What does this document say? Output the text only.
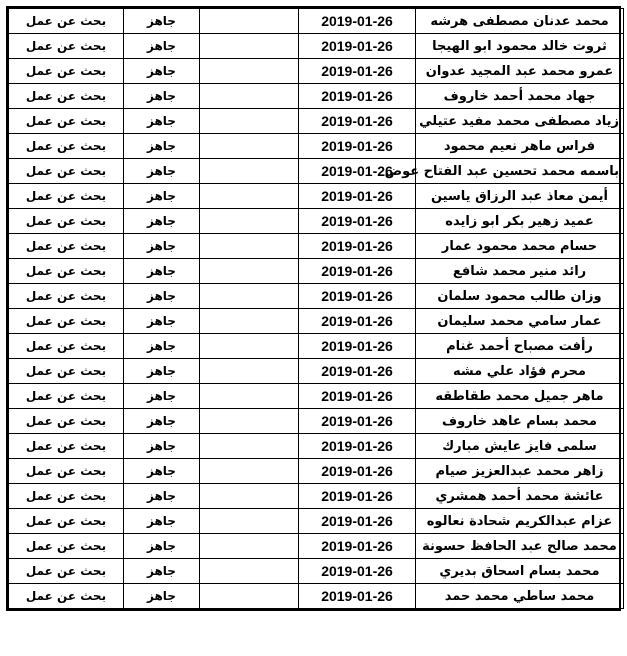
محمد عدنان مصطفى هرشه	2019-01-26		جاهز	بحث عن عمل
ثروت خالد محمود ابو الهيجا	2019-01-26		جاهز	بحث عن عمل
عمرو محمد عبد المجيد عدوان	2019-01-26		جاهز	بحث عن عمل
جهاد محمد أحمد خاروف	2019-01-26		جاهز	بحث عن عمل
زياد مصطفى محمد مفيد عتيلي	2019-01-26		جاهز	بحث عن عمل
فراس ماهر نعيم محمود	2019-01-26		جاهز	بحث عن عمل
باسمه محمد تحسين عبد الفتاح عوض	2019-01-26		جاهز	بحث عن عمل
أيمن معاذ عبد الرزاق ياسين	2019-01-26		جاهز	بحث عن عمل
عميد زهير بكر ابو زايده	2019-01-26		جاهز	بحث عن عمل
حسام محمد محمود عمار	2019-01-26		جاهز	بحث عن عمل
رائد منير محمد شافع	2019-01-26		جاهز	بحث عن عمل
وزان طالب محمود سلمان	2019-01-26		جاهز	بحث عن عمل
عمار سامي محمد سليمان	2019-01-26		جاهز	بحث عن عمل
رأفت مصباح أحمد غنام	2019-01-26		جاهز	بحث عن عمل
محرم فؤاد علي مشه	2019-01-26		جاهز	بحث عن عمل
ماهر جميل محمد طقاطقه	2019-01-26		جاهز	بحث عن عمل
محمد بسام عاهد خاروف	2019-01-26		جاهز	بحث عن عمل
سلمى فايز عايش مبارك	2019-01-26		جاهز	بحث عن عمل
زاهر محمد عبدالعزيز صيام	2019-01-26		جاهز	بحث عن عمل
عائشة محمد أحمد همشري	2019-01-26		جاهز	بحث عن عمل
عزام عبدالكريم شحادة نعالوه	2019-01-26		جاهز	بحث عن عمل
محمد صالح عبد الحافظ حسونة	2019-01-26		جاهز	بحث عن عمل
محمد بسام اسحاق بديري	2019-01-26		جاهز	بحث عن عمل
محمد ساطي محمد حمد	2019-01-26		جاهز	بحث عن عمل
